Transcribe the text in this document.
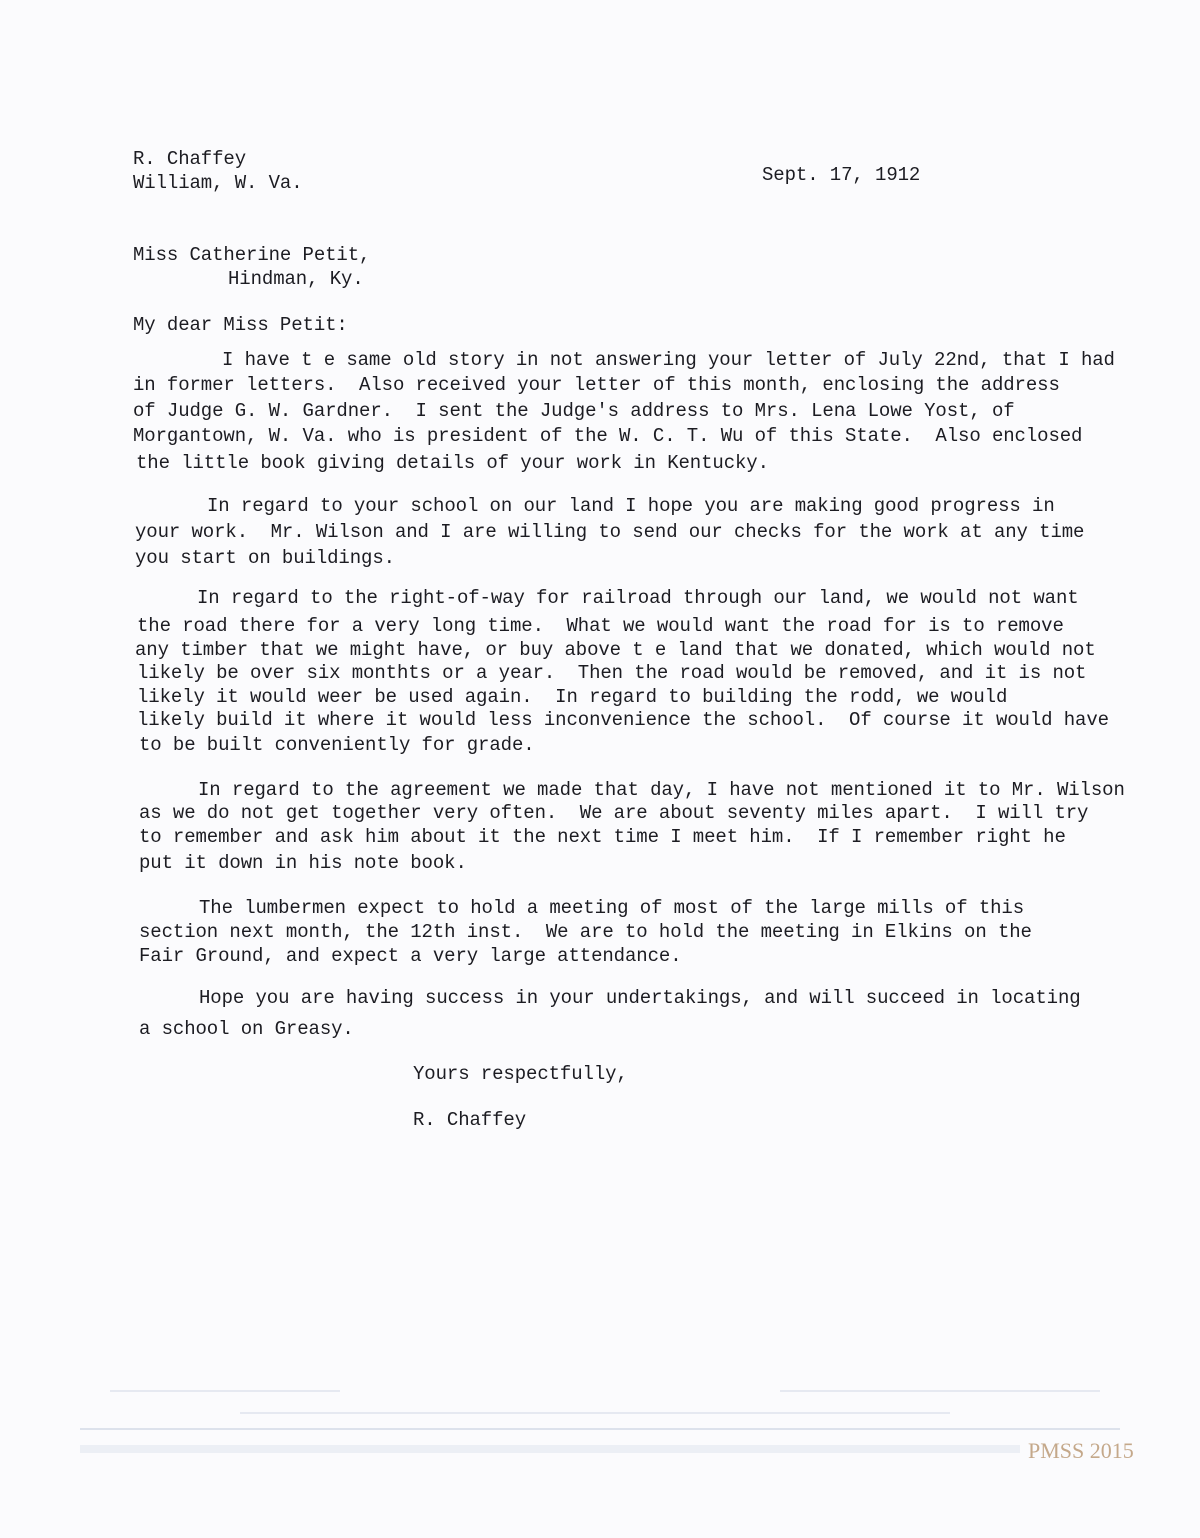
R. Chaffey
William, W. Va.	Sept. 17, 1912
Miss Catherine Petit,
Hindman, Ky.
My dear Miss Petit:
I have t e same old story in not answering your letter of July 22nd, that I had
in former letters.  Also received your letter of this month, enclosing the address
of Judge G. W. Gardner.  I sent the Judge's address to Mrs. Lena Lowe Yost, of
Morgantown, W. Va. who is president of the W. C. T. Wu of this State.  Also enclosed
the little book giving details of your work in Kentucky.
In regard to your school on our land I hope you are making good progress in
your work.  Mr. Wilson and I are willing to send our checks for the work at any time
you start on buildings.
In regard to the right-of-way for railroad through our land, we would not want
the road there for a very long time.  What we would want the road for is to remove
any timber that we might have, or buy above t e land that we donated, which would not
likely be over six monthts or a year.  Then the road would be removed, and it is not
likely it would weer be used again.  In regard to building the rodd, we would
likely build it where it would less inconvenience the school.  Of course it would have
to be built conveniently for grade.
In regard to the agreement we made that day, I have not mentioned it to Mr. Wilson
as we do not get together very often.  We are about seventy miles apart.  I will try
to remember and ask him about it the next time I meet him.  If I remember right he
put it down in his note book.
The lumbermen expect to hold a meeting of most of the large mills of this
section next month, the 12th inst.  We are to hold the meeting in Elkins on the
Fair Ground, and expect a very large attendance.
Hope you are having success in your undertakings, and will succeed in locating
a school on Greasy.
Yours respectfully,
R. Chaffey
PMSS 2015
